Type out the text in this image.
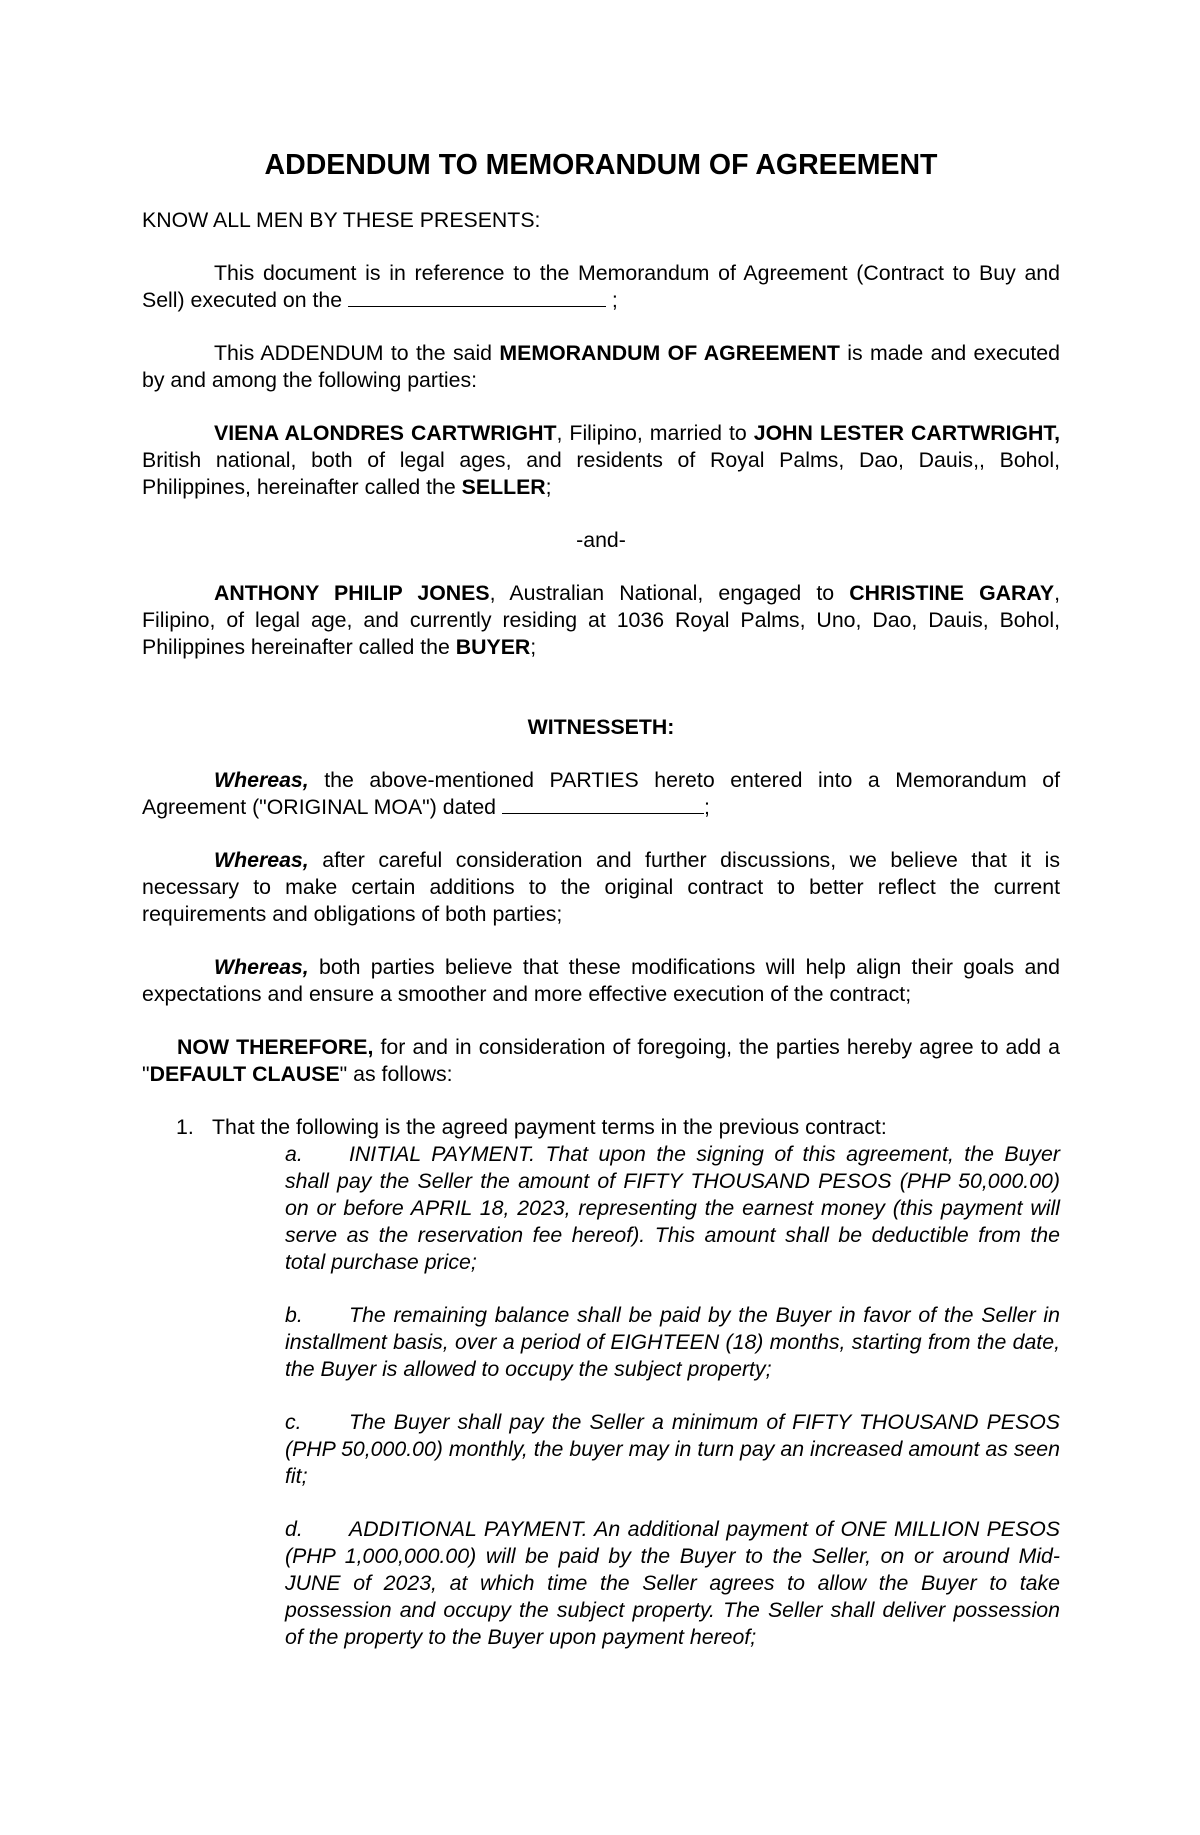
ADDENDUM TO MEMORANDUM OF AGREEMENT

KNOW ALL MEN BY THESE PRESENTS:

This document is in reference to the Memorandum of Agreement (Contract to Buy and Sell) executed on the	;

This ADDENDUM to the said MEMORANDUM OF AGREEMENT is made and executed by and among the following parties:

VIENA ALONDRES CARTWRIGHT, Filipino, married to JOHN LESTER CARTWRIGHT, British national, both of legal ages, and residents of Royal Palms, Dao, Dauis,, Bohol, Philippines, hereinafter called the SELLER;

-and-

ANTHONY PHILIP JONES, Australian National, engaged to CHRISTINE GARAY, Filipino, of legal age, and currently residing at 1036 Royal Palms, Uno, Dao, Dauis, Bohol, Philippines hereinafter called the BUYER;

WITNESSETH:

Whereas, the above-mentioned PARTIES hereto entered into a Memorandum of Agreement ("ORIGINAL MOA") dated	;

Whereas, after careful consideration and further discussions, we believe that it is necessary to make certain additions to the original contract to better reflect the current requirements and obligations of both parties;

Whereas, both parties believe that these modifications will help align their goals and expectations and ensure a smoother and more effective execution of the contract;

NOW THEREFORE, for and in consideration of foregoing, the parties hereby agree to add a "DEFAULT CLAUSE" as follows:

1. That the following is the agreed payment terms in the previous contract:

a. INITIAL PAYMENT. That upon the signing of this agreement, the Buyer shall pay the Seller the amount of FIFTY THOUSAND PESOS (PHP 50,000.00) on or before APRIL 18, 2023, representing the earnest money (this payment will serve as the reservation fee hereof). This amount shall be deductible from the total purchase price;

b. The remaining balance shall be paid by the Buyer in favor of the Seller in installment basis, over a period of EIGHTEEN (18) months, starting from the date, the Buyer is allowed to occupy the subject property;

c. The Buyer shall pay the Seller a minimum of FIFTY THOUSAND PESOS (PHP 50,000.00) monthly, the buyer may in turn pay an increased amount as seen fit;

d. ADDITIONAL PAYMENT. An additional payment of ONE MILLION PESOS (PHP 1,000,000.00) will be paid by the Buyer to the Seller, on or around Mid-JUNE of 2023, at which time the Seller agrees to allow the Buyer to take possession and occupy the subject property. The Seller shall deliver possession of the property to the Buyer upon payment hereof;
